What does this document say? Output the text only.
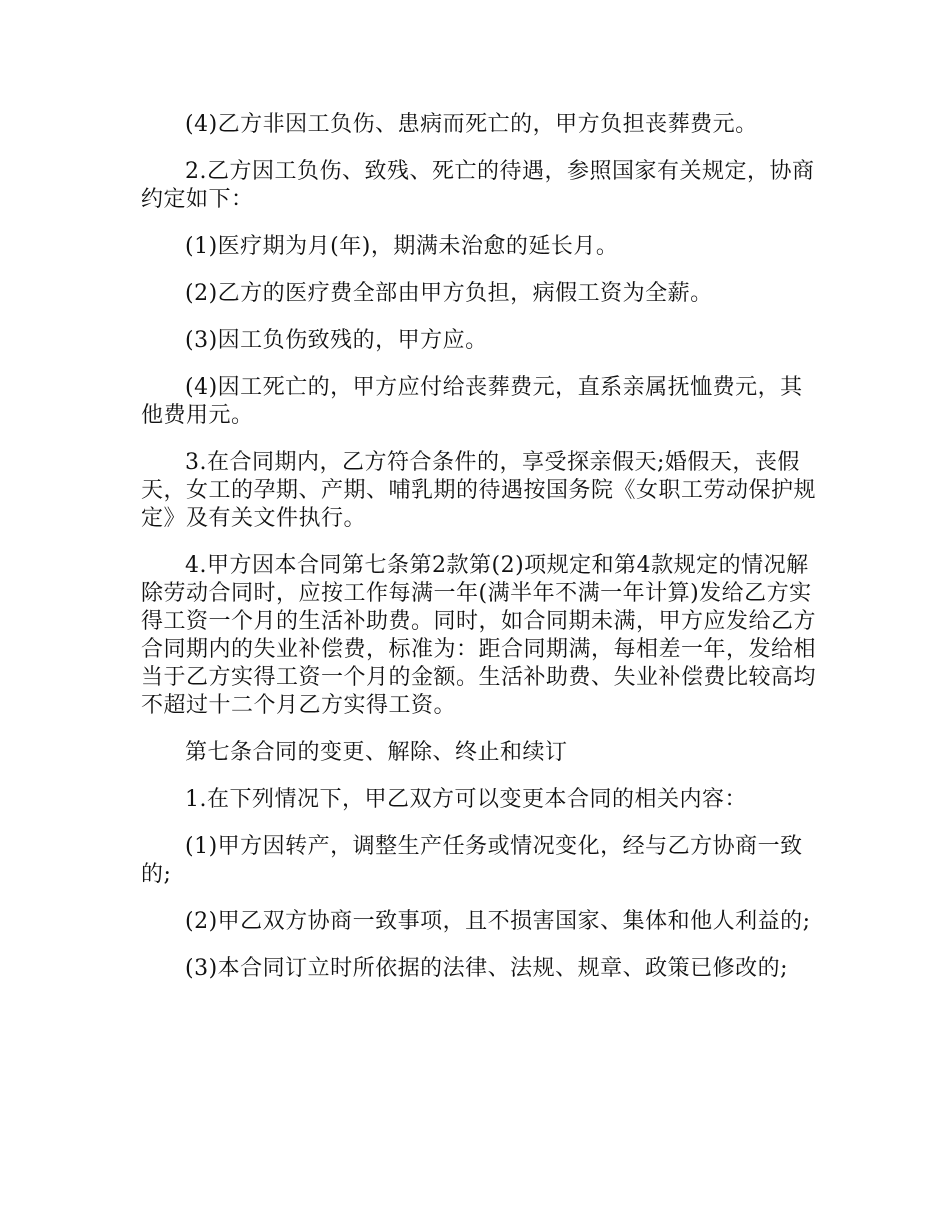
(4)乙方非因工负伤、患病而死亡的，甲方负担丧葬费元。

2.乙方因工负伤、致残、死亡的待遇，参照国家有关规定，协商约定如下：

(1)医疗期为月(年)，期满未治愈的延长月。

(2)乙方的医疗费全部由甲方负担，病假工资为全薪。

(3)因工负伤致残的，甲方应。

(4)因工死亡的，甲方应付给丧葬费元，直系亲属抚恤费元，其他费用元。

3.在合同期内，乙方符合条件的，享受探亲假天;婚假天，丧假天，女工的孕期、产期、哺乳期的待遇按国务院《女职工劳动保护规定》及有关文件执行。

4.甲方因本合同第七条第2款第(2)项规定和第4款规定的情况解除劳动合同时，应按工作每满一年(满半年不满一年计算)发给乙方实得工资一个月的生活补助费。同时，如合同期未满，甲方应发给乙方合同期内的失业补偿费，标准为：距合同期满，每相差一年，发给相当于乙方实得工资一个月的金额。生活补助费、失业补偿费比较高均不超过十二个月乙方实得工资。

第七条合同的变更、解除、终止和续订

1.在下列情况下，甲乙双方可以变更本合同的相关内容：

(1)甲方因转产，调整生产任务或情况变化，经与乙方协商一致的;

(2)甲乙双方协商一致事项，且不损害国家、集体和他人利益的;

(3)本合同订立时所依据的法律、法规、规章、政策已修改的;
